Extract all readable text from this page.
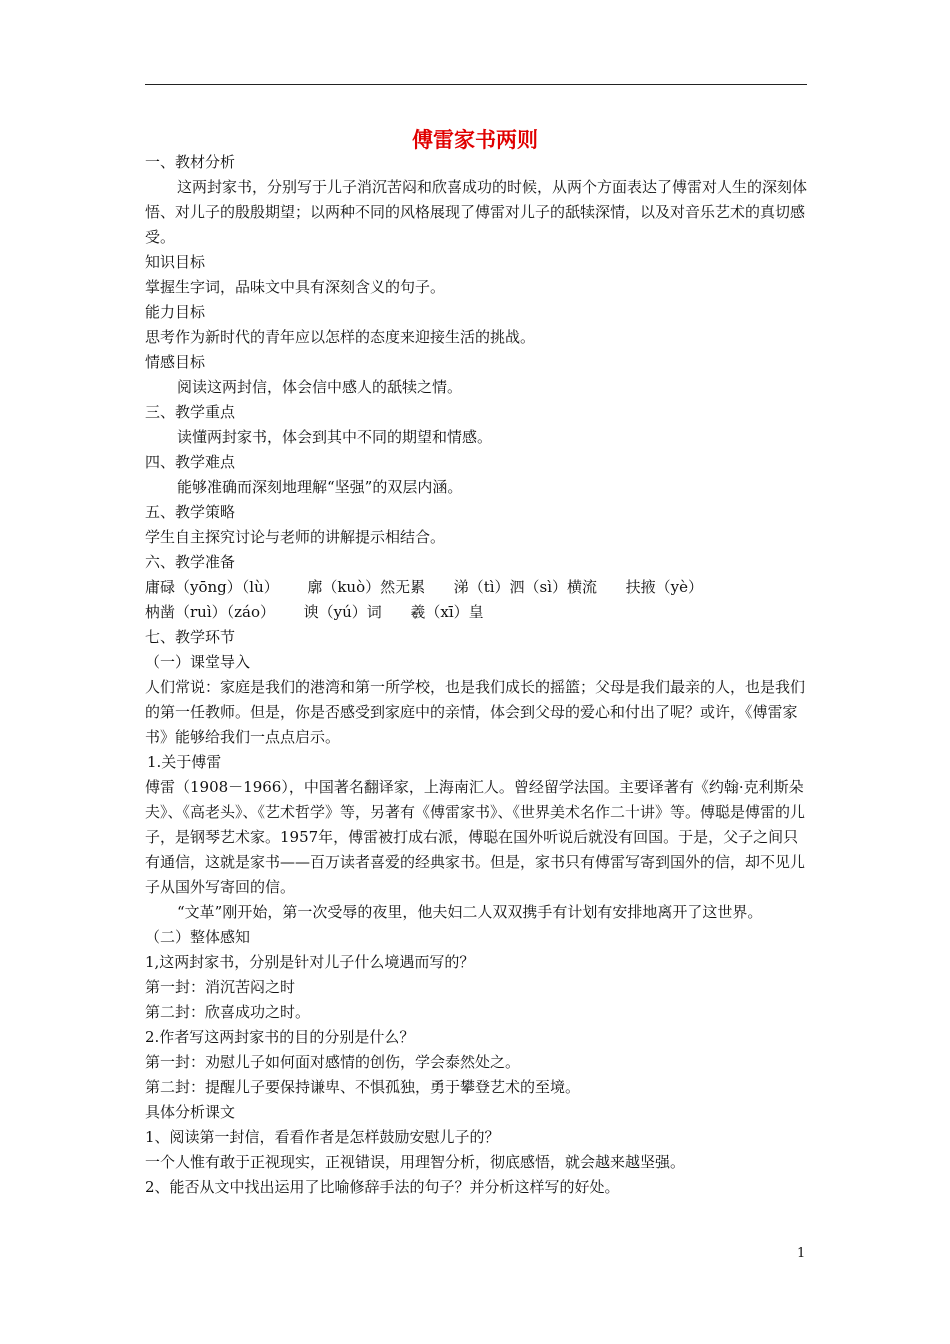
傅雷家书两则

一、教材分析

这两封家书，分别写于儿子消沉苦闷和欣喜成功的时候，从两个方面表达了傅雷对人生的深刻体悟、对儿子的殷殷期望；以两种不同的风格展现了傅雷对儿子的舐犊深情，以及对音乐艺术的真切感受。

知识目标

掌握生字词，品味文中具有深刻含义的句子。

能力目标

思考作为新时代的青年应以怎样的态度来迎接生活的挑战。

情感目标

阅读这两封信，体会信中感人的舐犊之情。

三、教学重点

读懂两封家书，体会到其中不同的期望和情感。

四、教学难点

能够准确而深刻地理解“坚强”的双层内涵。

五、教学策略

学生自主探究讨论与老师的讲解提示相结合。

六、教学准备

庸碌（yōng）（lù）      廓（kuò）然无累      涕（tì）泗（sì）横流      扶掖（yè）

枘凿（ruì）（záo）      谀（yú）词      羲（xī）皇

七、教学环节

（一）课堂导入

人们常说：家庭是我们的港湾和第一所学校，也是我们成长的摇篮；父母是我们最亲的人，也是我们的第一任教师。但是，你是否感受到家庭中的亲情，体会到父母的爱心和付出了呢？或许，《傅雷家书》能够给我们一点点启示。

1.关于傅雷

傅雷（1908－1966），中国著名翻译家，上海南汇人。曾经留学法国。主要译著有《约翰·克利斯朵夫》、《高老头》、《艺术哲学》等，另著有《傅雷家书》、《世界美术名作二十讲》等。傅聪是傅雷的儿子，是钢琴艺术家。1957年，傅雷被打成右派，傅聪在国外听说后就没有回国。于是，父子之间只有通信，这就是家书——百万读者喜爱的经典家书。但是，家书只有傅雷写寄到国外的信，却不见儿子从国外写寄回的信。

“文革”刚开始，第一次受辱的夜里，他夫妇二人双双携手有计划有安排地离开了这世界。

（二）整体感知

1,这两封家书，分别是针对儿子什么境遇而写的？

第一封：消沉苦闷之时

第二封：欣喜成功之时。

2.作者写这两封家书的目的分别是什么？

第一封：劝慰儿子如何面对感情的创伤，学会泰然处之。

第二封：提醒儿子要保持谦卑、不惧孤独，勇于攀登艺术的至境。

具体分析课文

1、阅读第一封信，看看作者是怎样鼓励安慰儿子的？

一个人惟有敢于正视现实，正视错误，用理智分析，彻底感悟，就会越来越坚强。

2、能否从文中找出运用了比喻修辞手法的句子？并分析这样写的好处。

1
